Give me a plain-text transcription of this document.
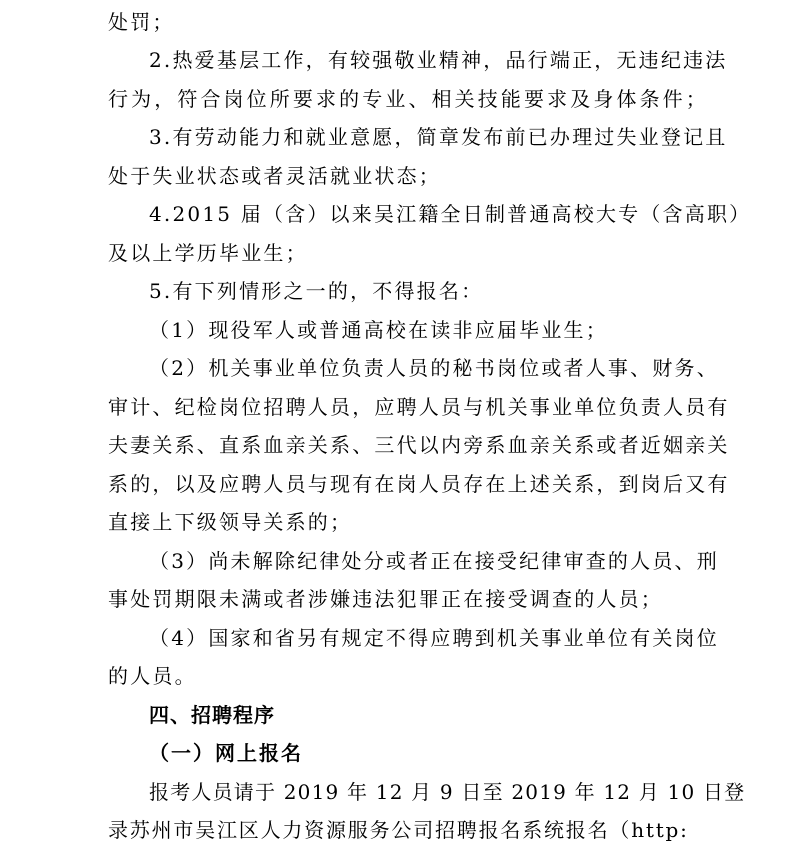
处罚；
2.热爱基层工作，有较强敬业精神，品行端正，无违纪违法
行为，符合岗位所要求的专业、相关技能要求及身体条件；
3.有劳动能力和就业意愿，简章发布前已办理过失业登记且
处于失业状态或者灵活就业状态；
4.2015 届（含）以来吴江籍全日制普通高校大专（含高职）
及以上学历毕业生；
5.有下列情形之一的，不得报名：
（1）现役军人或普通高校在读非应届毕业生；
（2）机关事业单位负责人员的秘书岗位或者人事、财务、
审计、纪检岗位招聘人员，应聘人员与机关事业单位负责人员有
夫妻关系、直系血亲关系、三代以内旁系血亲关系或者近姻亲关
系的，以及应聘人员与现有在岗人员存在上述关系，到岗后又有
直接上下级领导关系的；
（3）尚未解除纪律处分或者正在接受纪律审查的人员、刑
事处罚期限未满或者涉嫌违法犯罪正在接受调查的人员；
（4）国家和省另有规定不得应聘到机关事业单位有关岗位
的人员。
四、招聘程序
（一）网上报名
报考人员请于 2019 年 12 月 9 日至 2019 年 12 月 10 日登
录苏州市吴江区人力资源服务公司招聘报名系统报名（http:
